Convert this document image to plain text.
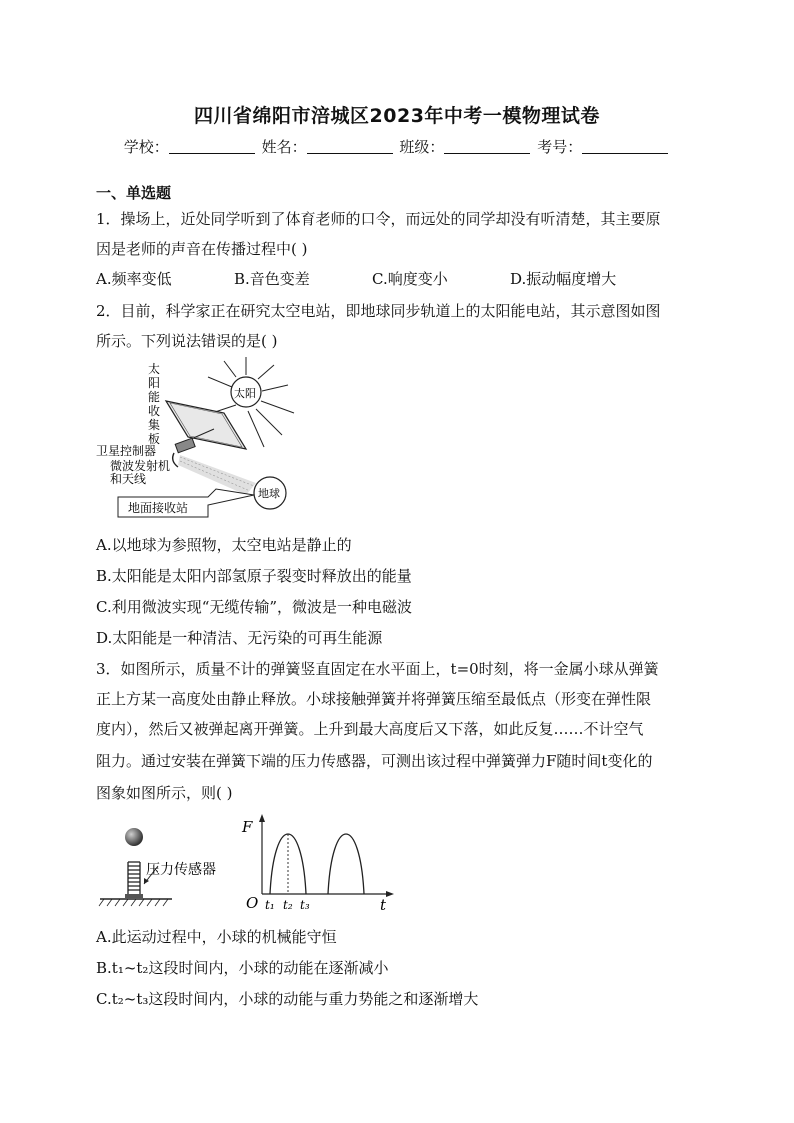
四川省绵阳市涪城区2023年中考一模物理试卷
学校：	姓名：	班级：	考号：
一、单选题
1．操场上，近处同学听到了体育老师的口令，而远处的同学却没有听清楚，其主要原
因是老师的声音在传播过程中( )
A.频率变低	B.音色变差	C.响度变小	D.振动幅度增大
2．目前，科学家正在研究太空电站，即地球同步轨道上的太阳能电站，其示意图如图
所示。下列说法错误的是( )
太
阳
能
收
集
板
太阳
卫星控制器
微波发射机
和天线
地球
地面接收站
A.以地球为参照物，太空电站是静止的
B.太阳能是太阳内部氢原子裂变时释放出的能量
C.利用微波实现“无缆传输”，微波是一种电磁波
D.太阳能是一种清洁、无污染的可再生能源
3．如图所示，质量不计的弹簧竖直固定在水平面上，t=0时刻，将一金属小球从弹簧
正上方某一高度处由静止释放。小球接触弹簧并将弹簧压缩至最低点（形变在弹性限
度内），然后又被弹起离开弹簧。上升到最大高度后又下落，如此反复……不计空气
阻力。通过安装在弹簧下端的压力传感器，可测出该过程中弹簧弹力F随时间t变化的
图象如图所示，则( )
压力传感器
F
t
O t₁ t₂ t₃
A.此运动过程中，小球的机械能守恒
B.t₁~t₂这段时间内，小球的动能在逐渐减小
C.t₂~t₃这段时间内，小球的动能与重力势能之和逐渐增大
